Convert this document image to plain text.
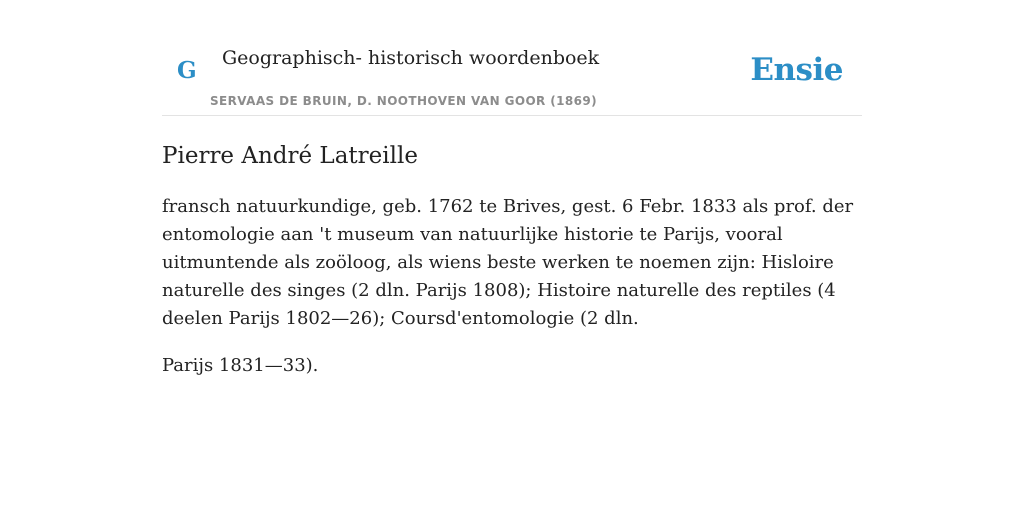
G Geographisch- historisch woordenboek
SERVAAS DE BRUIN, D. NOOTHOVEN VAN GOOR (1869)
Ensie
Pierre André Latreille

fransch natuurkundige, geb. 1762 te Brives, gest. 6 Febr. 1833 als prof. der entomologie aan 't museum van natuurlijke historie te Parijs, vooral uitmuntende als zoöloog, als wiens beste werken te noemen zijn: Hisloire naturelle des singes (2 dln. Parijs 1808); Histoire naturelle des reptiles (4 deelen Parijs 1802—26); Coursd'entomologie (2 dln.

Parijs 1831—33).
